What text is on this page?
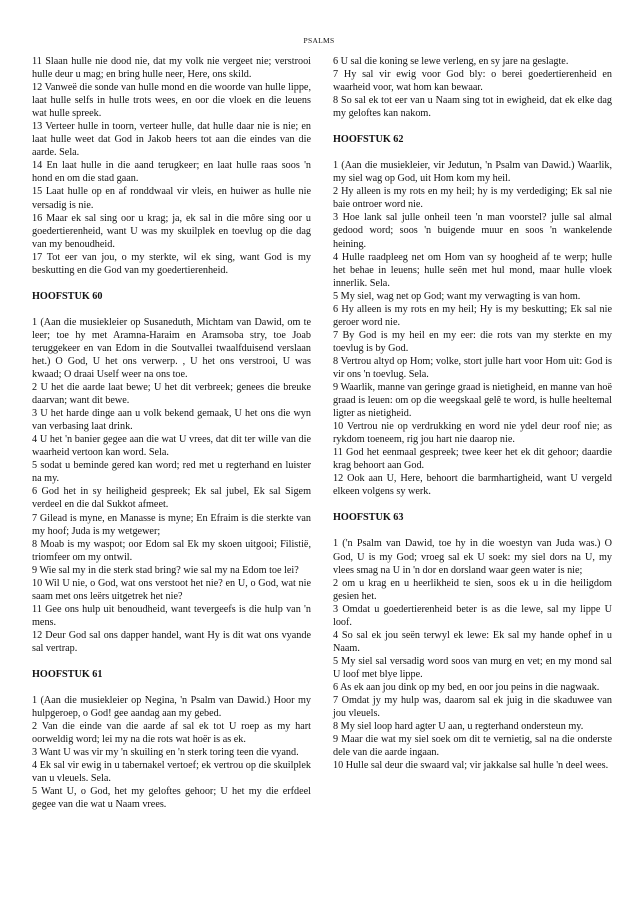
PSALMS

11 Slaan hulle nie dood nie, dat my volk nie vergeet nie; verstrooi hulle deur u mag; en bring hulle neer, Here, ons skild.

12 Vanweë die sonde van hulle mond en die woorde van hulle lippe, laat hulle selfs in hulle trots wees, en oor die vloek en die leuens wat hulle spreek.

13 Verteer hulle in toorn, verteer hulle, dat hulle daar nie is nie; en laat hulle weet dat God in Jakob heers tot aan die eindes van die aarde. Sela.

14 En laat hulle in die aand terugkeer; en laat hulle raas soos 'n hond en om die stad gaan.

15 Laat hulle op en af ronddwaal vir vleis, en huiwer as hulle nie versadig is nie.

16 Maar ek sal sing oor u krag; ja, ek sal in die môre sing oor u goedertierenheid, want U was my skuilplek en toevlug op die dag van my benoudheid.

17 Tot eer van jou, o my sterkte, wil ek sing, want God is my beskutting en die God van my goedertierenheid.

HOOFSTUK 60

1 (Aan die musiekleier op Susaneduth, Michtam van Dawid, om te leer; toe hy met Aramna-Haraim en Aramsoba stry, toe Joab teruggekeer en van Edom in die Soutvallei twaalfduisend verslaan het.) O God, U het ons verwerp. , U het ons verstrooi, U was kwaad; O draai Uself weer na ons toe.

2 U het die aarde laat bewe; U het dit verbreek; genees die breuke daarvan; want dit bewe.

3 U het harde dinge aan u volk bekend gemaak, U het ons die wyn van verbasing laat drink.

4 U het 'n banier gegee aan die wat U vrees, dat dit ter wille van die waarheid vertoon kan word. Sela.

5 sodat u beminde gered kan word; red met u regterhand en luister na my.

6 God het in sy heiligheid gespreek; Ek sal jubel, Ek sal Sigem verdeel en die dal Sukkot afmeet.

7 Gilead is myne, en Manasse is myne; En Efraim is die sterkte van my hoof; Juda is my wetgewer;

8 Moab is my waspot; oor Edom sal Ek my skoen uitgooi; Filistië, triomfeer om my ontwil.

9 Wie sal my in die sterk stad bring? wie sal my na Edom toe lei?

10 Wil U nie, o God, wat ons verstoot het nie? en U, o God, wat nie saam met ons leërs uitgetrek het nie?

11 Gee ons hulp uit benoudheid, want tevergeefs is die hulp van 'n mens.

12 Deur God sal ons dapper handel, want Hy is dit wat ons vyande sal vertrap.

HOOFSTUK 61

1 (Aan die musiekleier op Negina, 'n Psalm van Dawid.) Hoor my hulpgeroep, o God! gee aandag aan my gebed.

2 Van die einde van die aarde af sal ek tot U roep as my hart oorweldig word; lei my na die rots wat hoër is as ek.

3 Want U was vir my 'n skuiling en 'n sterk toring teen die vyand.

4 Ek sal vir ewig in u tabernakel vertoef; ek vertrou op die skuilplek van u vleuels. Sela.

5 Want U, o God, het my geloftes gehoor; U het my die erfdeel gegee van die wat u Naam vrees.

6 U sal die koning se lewe verleng, en sy jare na geslagte.

7 Hy sal vir ewig voor God bly: o berei goedertierenheid en waarheid voor, wat hom kan bewaar.

8 So sal ek tot eer van u Naam sing tot in ewigheid, dat ek elke dag my geloftes kan nakom.

HOOFSTUK 62

1 (Aan die musiekleier, vir Jedutun, 'n Psalm van Dawid.) Waarlik, my siel wag op God, uit Hom kom my heil.

2 Hy alleen is my rots en my heil; hy is my verdediging; Ek sal nie baie ontroer word nie.

3 Hoe lank sal julle onheil teen 'n man voorstel? julle sal almal gedood word; soos 'n buigende muur en soos 'n wankelende heining.

4 Hulle raadpleeg net om Hom van sy hoogheid af te werp; hulle het behae in leuens; hulle seën met hul mond, maar hulle vloek innerlik. Sela.

5 My siel, wag net op God; want my verwagting is van hom.

6 Hy alleen is my rots en my heil; Hy is my beskutting; Ek sal nie geroer word nie.

7 By God is my heil en my eer: die rots van my sterkte en my toevlug is by God.

8 Vertrou altyd op Hom; volke, stort julle hart voor Hom uit: God is vir ons 'n toevlug. Sela.

9 Waarlik, manne van geringe graad is nietigheid, en manne van hoë graad is leuen: om op die weegskaal gelê te word, is hulle heeltemal ligter as nietigheid.

10 Vertrou nie op verdrukking en word nie ydel deur roof nie; as rykdom toeneem, rig jou hart nie daarop nie.

11 God het eenmaal gespreek; twee keer het ek dit gehoor; daardie krag behoort aan God.

12 Ook aan U, Here, behoort die barmhartigheid, want U vergeld elkeen volgens sy werk.

HOOFSTUK 63

1 ('n Psalm van Dawid, toe hy in die woestyn van Juda was.) O God, U is my God; vroeg sal ek U soek: my siel dors na U, my vlees smag na U in 'n dor en dorsland waar geen water is nie;

2 om u krag en u heerlikheid te sien, soos ek u in die heiligdom gesien het.

3 Omdat u goedertierenheid beter is as die lewe, sal my lippe U loof.

4 So sal ek jou seën terwyl ek lewe: Ek sal my hande ophef in u Naam.

5 My siel sal versadig word soos van murg en vet; en my mond sal U loof met blye lippe.

6 As ek aan jou dink op my bed, en oor jou peins in die nagwaak.

7 Omdat jy my hulp was, daarom sal ek juig in die skaduwee van jou vleuels.

8 My siel loop hard agter U aan, u regterhand ondersteun my.

9 Maar die wat my siel soek om dit te vernietig, sal na die onderste dele van die aarde ingaan.

10 Hulle sal deur die swaard val; vir jakkalse sal hulle 'n deel wees.
